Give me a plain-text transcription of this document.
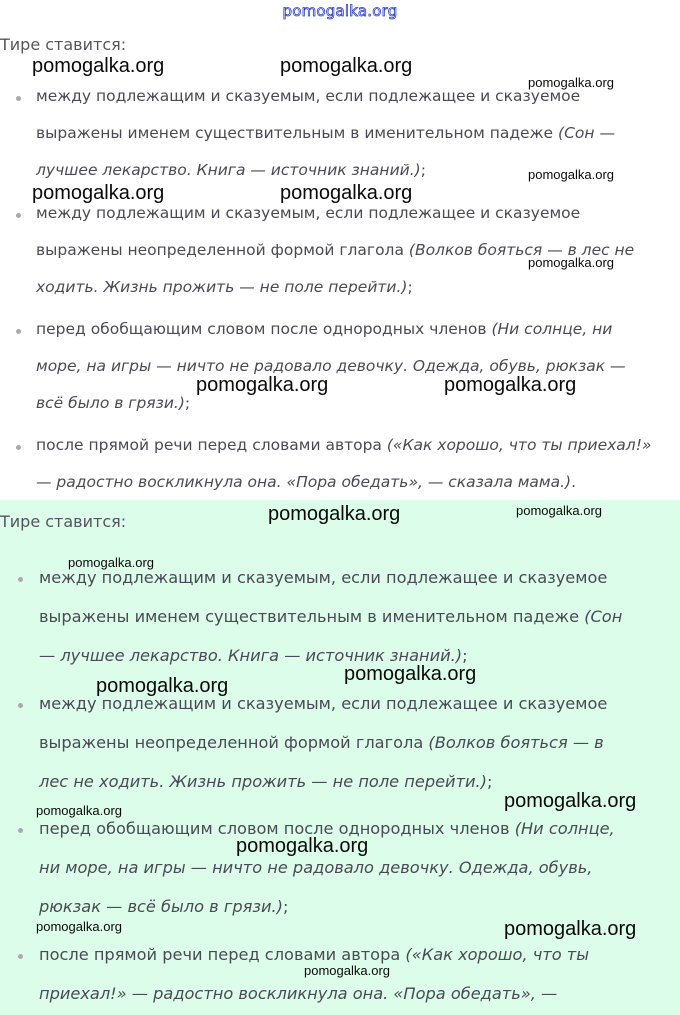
pomogalka.org
Тире ставится:
между подлежащим и сказуемым, если подлежащее и сказуемое
выражены именем существительным в именительном падеже (Сон —
лучшее лекарство. Книга — источник знаний.);
между подлежащим и сказуемым, если подлежащее и сказуемое
выражены неопределенной формой глагола (Волков бояться — в лес не
ходить. Жизнь прожить — не поле перейти.);
перед обобщающим словом после однородных членов (Ни солнце, ни
море, на игры — ничто не радовало девочку. Одежда, обувь, рюкзак —
всё было в грязи.);
после прямой речи перед словами автора («Как хорошо, что ты приехал!»
— радостно воскликнула она. «Пора обедать», — сказала мама.).
Тире ставится:
между подлежащим и сказуемым, если подлежащее и сказуемое
выражены именем существительным в именительном падеже (Сон
— лучшее лекарство. Книга — источник знаний.);
между подлежащим и сказуемым, если подлежащее и сказуемое
выражены неопределенной формой глагола (Волков бояться — в
лес не ходить. Жизнь прожить — не поле перейти.);
перед обобщающим словом после однородных членов (Ни солнце,
ни море, на игры — ничто не радовало девочку. Одежда, обувь,
рюкзак — всё было в грязи.);
после прямой речи перед словами автора («Как хорошо, что ты
приехал!» — радостно воскликнула она. «Пора обедать», —
pomogalka.org	pomogalka.org
pomogalka.org
pomogalka.org	pomogalka.org
pomogalka.org
pomogalka.org
pomogalka.org	pomogalka.org
pomogalka.org	pomogalka.org
pomogalka.org
pomogalka.org
pomogalka.org
pomogalka.org	pomogalka.org
pomogalka.org
pomogalka.org	pomogalka.org
pomogalka.org
